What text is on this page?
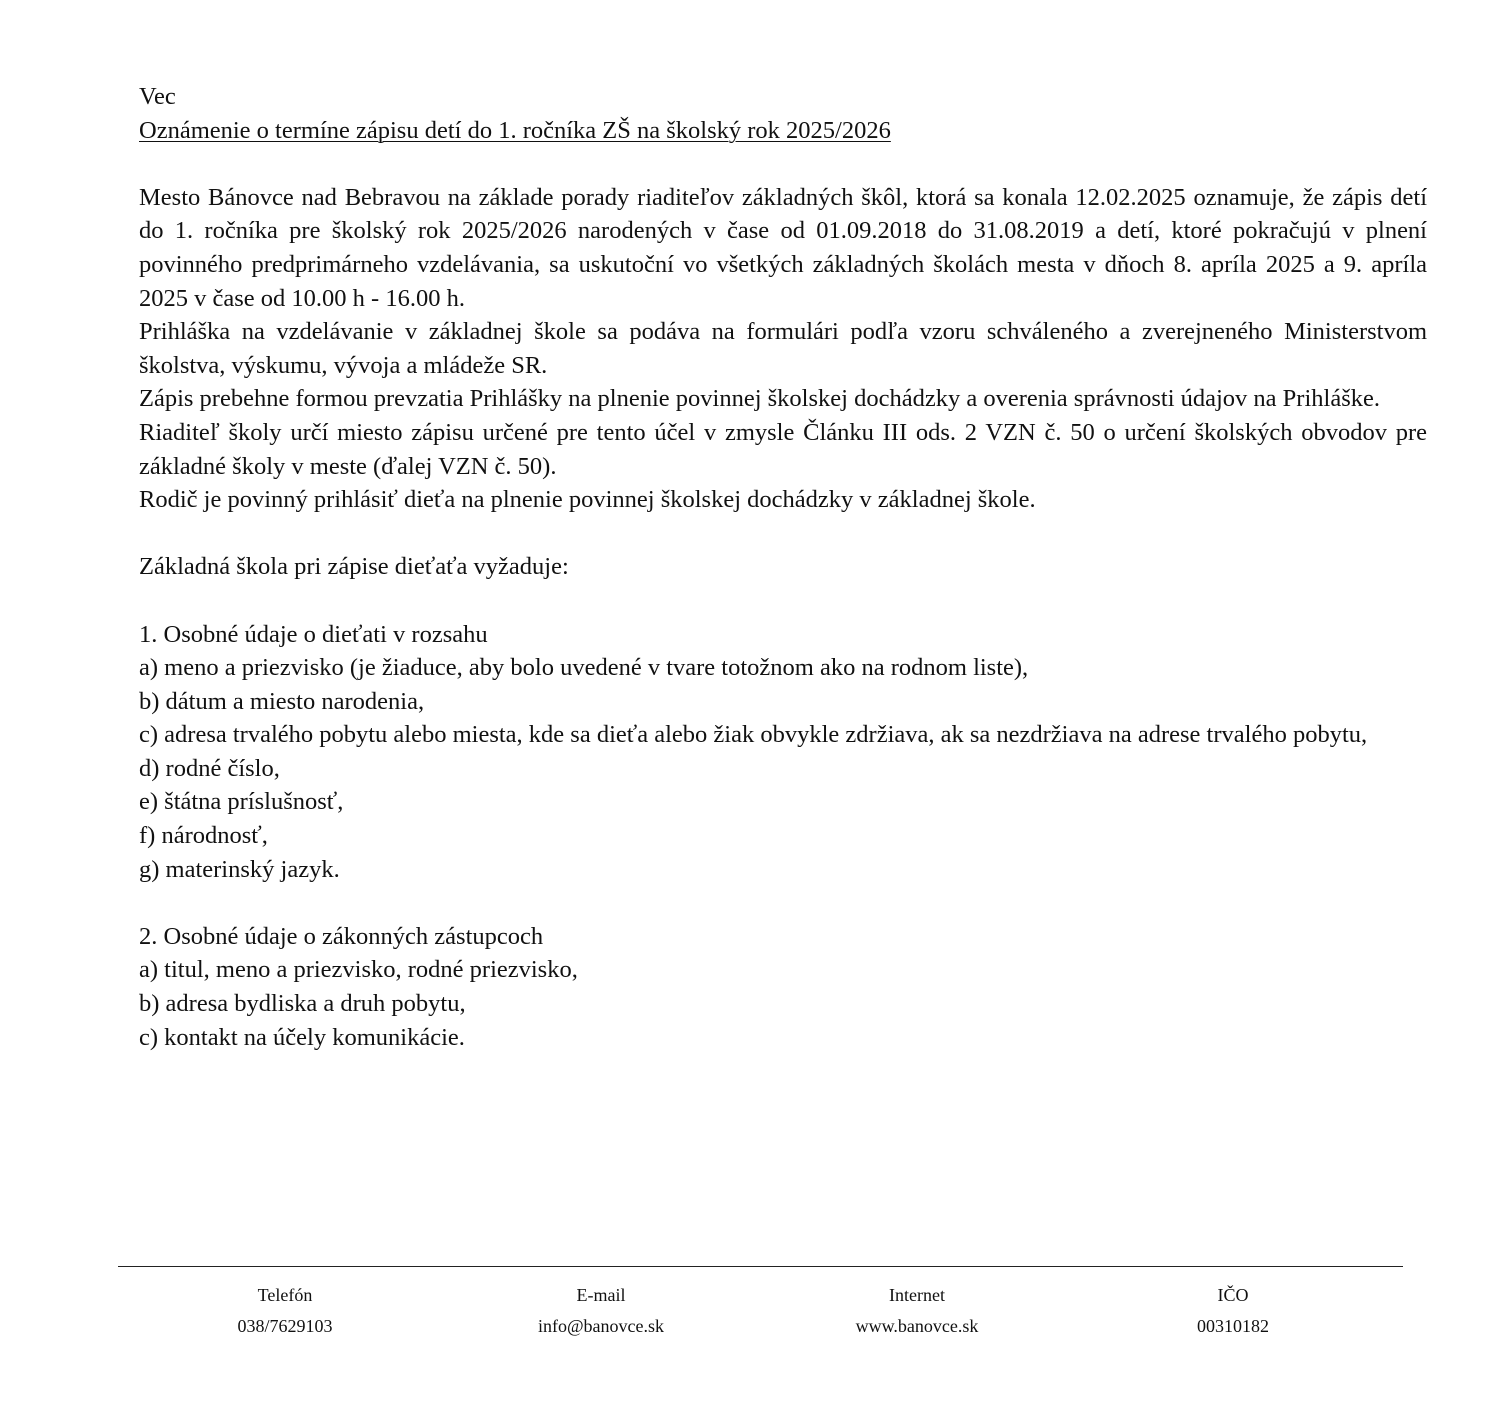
Vec

Oznámenie o termíne zápisu detí do 1. ročníka ZŠ na školský rok 2025/2026

Mesto Bánovce nad Bebravou na základe porady riaditeľov základných škôl, ktorá sa konala 12.02.2025 oznamuje, že zápis detí do 1. ročníka pre školský rok 2025/2026 narodených v čase od 01.09.2018 do 31.08.2019 a detí, ktoré pokračujú v plnení povinného predprimárneho vzdelávania, sa uskutoční vo všetkých základných školách mesta v dňoch 8. apríla 2025 a 9. apríla 2025 v čase od 10.00 h - 16.00 h.

Prihláška na vzdelávanie v základnej škole sa podáva na formulári podľa vzoru schváleného a zverejneného Ministerstvom školstva, výskumu, vývoja a mládeže SR.

Zápis prebehne formou prevzatia Prihlášky na plnenie povinnej školskej dochádzky a overenia správnosti údajov na Prihláške.

Riaditeľ školy určí miesto zápisu určené pre tento účel v zmysle Článku III ods. 2 VZN č. 50 o určení školských obvodov pre základné školy v meste (ďalej VZN č. 50).

Rodič je povinný prihlásiť dieťa na plnenie povinnej školskej dochádzky v základnej škole.

Základná škola pri zápise dieťaťa vyžaduje:

1. Osobné údaje o dieťati v rozsahu

a) meno a priezvisko (je žiaduce, aby bolo uvedené v tvare totožnom ako na rodnom liste),

b) dátum a miesto narodenia,

c) adresa trvalého pobytu alebo miesta, kde sa dieťa alebo žiak obvykle zdržiava, ak sa nezdržiava na adrese trvalého pobytu,

d) rodné číslo,

e) štátna príslušnosť,

f) národnosť,

g) materinský jazyk.

2. Osobné údaje o zákonných zástupcoch

a) titul, meno a priezvisko, rodné priezvisko,

b) adresa bydliska a druh pobytu,

c) kontakt na účely komunikácie.

Telefón
038/7629103
E-mail
info@banovce.sk
Internet
www.banovce.sk
IČO
00310182
